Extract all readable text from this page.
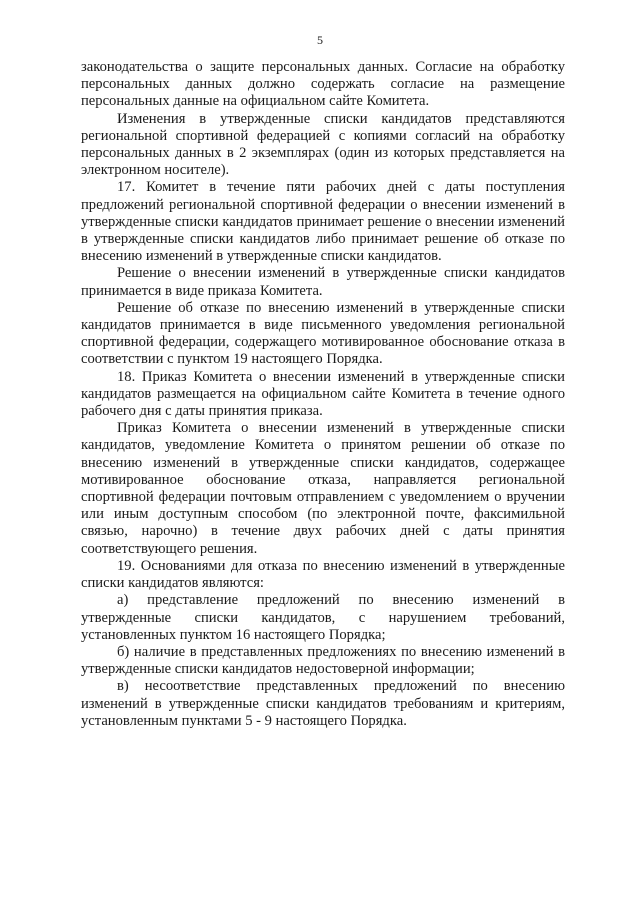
5

законодательства о защите персональных данных. Согласие на обработку персональных данных должно содержать согласие на размещение персональных данные на официальном сайте Комитета.

Изменения в утвержденные списки кандидатов представляются региональной спортивной федерацией с копиями согласий на обработку персональных данных в 2 экземплярах (один из которых представляется на электронном носителе).

17. Комитет в течение пяти рабочих дней с даты поступления предложений региональной спортивной федерации о внесении изменений в утвержденные списки кандидатов принимает решение о внесении изменений в утвержденные списки кандидатов либо принимает решение об отказе по внесению изменений в утвержденные списки кандидатов.

Решение о внесении изменений в утвержденные списки кандидатов принимается в виде приказа Комитета.

Решение об отказе по внесению изменений в утвержденные списки кандидатов принимается в виде письменного уведомления региональной спортивной федерации, содержащего мотивированное обоснование отказа в соответствии с пунктом 19 настоящего Порядка.

18. Приказ Комитета о внесении изменений в утвержденные списки кандидатов размещается на официальном сайте Комитета в течение одного рабочего дня с даты принятия приказа.

Приказ Комитета о внесении изменений в утвержденные списки кандидатов, уведомление Комитета о принятом решении об отказе по внесению изменений в утвержденные списки кандидатов, содержащее мотивированное обоснование отказа, направляется региональной спортивной федерации почтовым отправлением с уведомлением о вручении или иным доступным способом (по электронной почте, факсимильной связью, нарочно) в течение двух рабочих дней с даты принятия соответствующего решения.

19. Основаниями для отказа по внесению изменений в утвержденные списки кандидатов являются:

а) представление предложений по внесению изменений в утвержденные списки кандидатов, с нарушением требований, установленных пунктом 16 настоящего Порядка;

б) наличие в представленных предложениях по внесению изменений в утвержденные списки кандидатов недостоверной информации;

в) несоответствие представленных предложений по внесению изменений в утвержденные списки кандидатов требованиям и критериям, установленным пунктами 5 - 9 настоящего Порядка.
